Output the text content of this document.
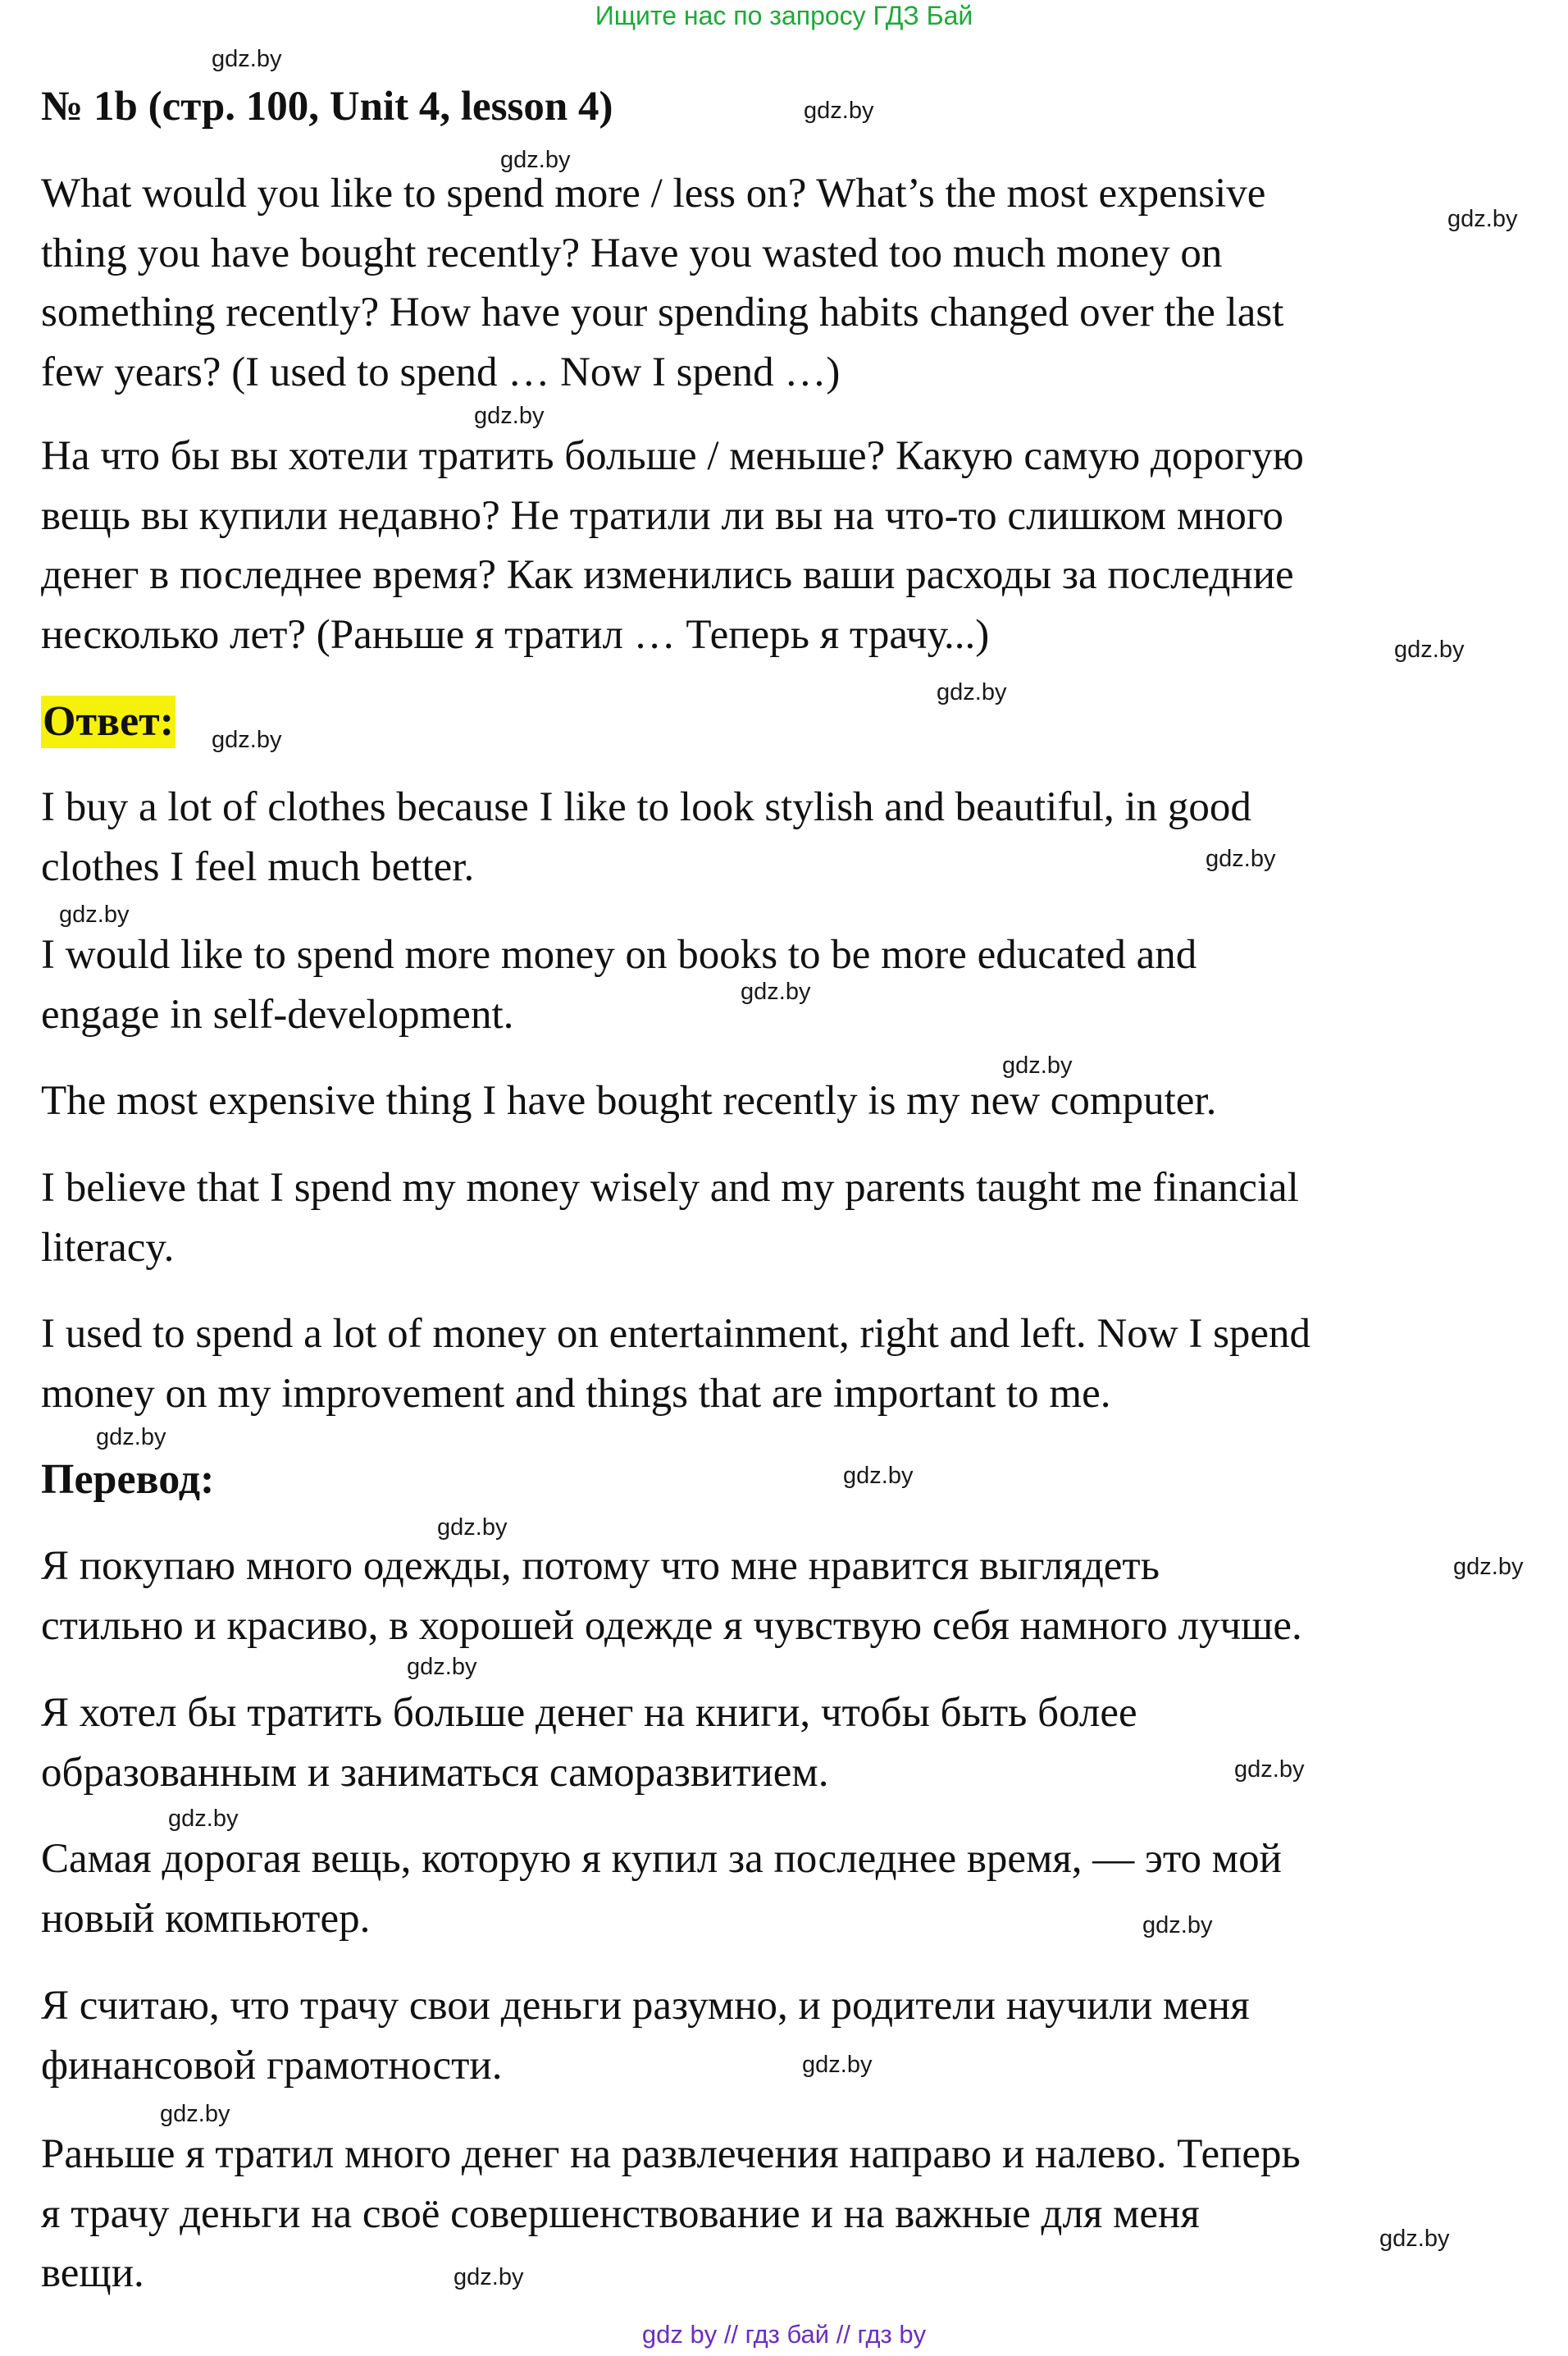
Ищите нас по запросу ГДЗ Бай
gdz.by
№ 1b (стр. 100, Unit 4, lesson 4)	gdz.by
gdz.by
What would you like to spend more / less on? What’s the most expensive
thing you have bought recently? Have you wasted too much money on
something recently? How have your spending habits changed over the last
few years? (I used to spend … Now I spend …)
gdz.by
gdz.by
На что бы вы хотели тратить больше / меньше? Какую самую дорогую
вещь вы купили недавно? Не тратили ли вы на что-то слишком много
денег в последнее время? Как изменились ваши расходы за последние
несколько лет? (Раньше я тратил … Теперь я трачу...)	gdz.by
Ответ:
gdz.by
gdz.by
I buy a lot of clothes because I like to look stylish and beautiful, in good
clothes I feel much better.	gdz.by
gdz.by
I would like to spend more money on books to be more educated and
engage in self-development.	gdz.by
gdz.by
The most expensive thing I have bought recently is my new computer.
I believe that I spend my money wisely and my parents taught me financial
literacy.
I used to spend a lot of money on entertainment, right and left. Now I spend
money on my improvement and things that are important to me.
gdz.by
Перевод:	gdz.by
gdz.by
Я покупаю много одежды, потому что мне нравится выглядеть
стильно и красиво, в хорошей одежде я чувствую себя намного лучше.
gdz.by
gdz.by
Я хотел бы тратить больше денег на книги, чтобы быть более
образованным и заниматься саморазвитием.	gdz.by
gdz.by
Самая дорогая вещь, которую я купил за последнее время, — это мой
новый компьютер.	gdz.by
Я считаю, что трачу свои деньги разумно, и родители научили меня
финансовой грамотности.	gdz.by
gdz.by
Раньше я тратил много денег на развлечения направо и налево. Теперь
я трачу деньги на своё совершенствование и на важные для меня
вещи.
gdz.by
gdz.by
gdz by // гдз бай // гдз by
